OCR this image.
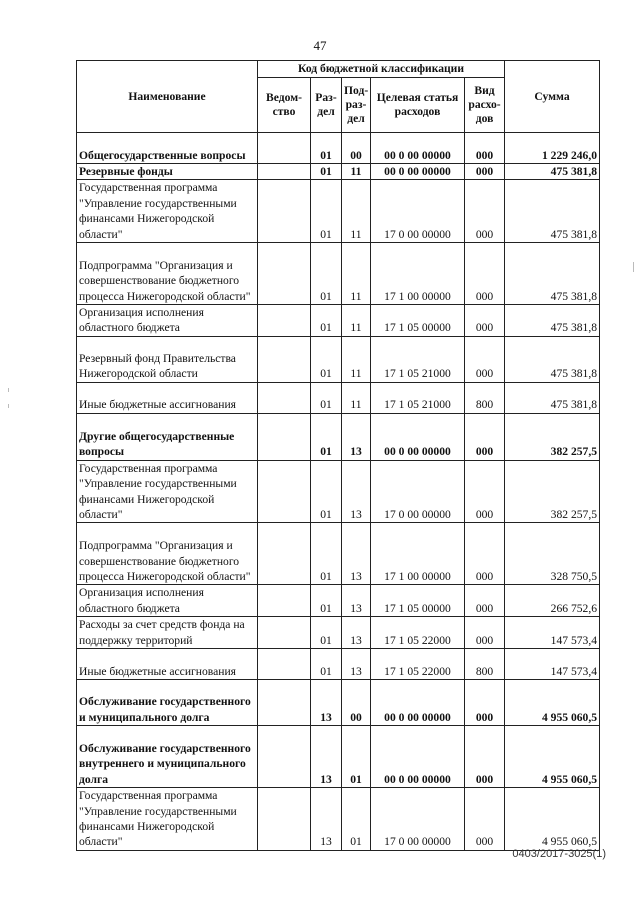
47
Наименование	Код бюджетной классификации					Сумма
	Ведом-ство	Раз-дел	Под-раз-дел	Целевая статья расходов	Вид расхо-дов	
Общегосударственные вопросы		01	00	00 0 00 00000	000	1 229 246,0
Резервные фонды		01	11	00 0 00 00000	000	475 381,8
Государственная программа "Управление государственными финансами Нижегородской области"		01	11	17 0 00 00000	000	475 381,8
Подпрограмма "Организация и совершенствование бюджетного процесса Нижегородской области"		01	11	17 1 00 00000	000	475 381,8
Организация исполнения областного бюджета		01	11	17 1 05 00000	000	475 381,8
Резервный фонд Правительства Нижегородской области		01	11	17 1 05 21000	000	475 381,8
Иные бюджетные ассигнования		01	11	17 1 05 21000	800	475 381,8
Другие общегосударственные вопросы		01	13	00 0 00 00000	000	382 257,5
Государственная программа "Управление государственными финансами Нижегородской области"		01	13	17 0 00 00000	000	382 257,5
Подпрограмма "Организация и совершенствование бюджетного процесса Нижегородской области"		01	13	17 1 00 00000	000	328 750,5
Организация исполнения областного бюджета		01	13	17 1 05 00000	000	266 752,6
Расходы за счет средств фонда на поддержку территорий		01	13	17 1 05 22000	000	147 573,4
Иные бюджетные ассигнования		01	13	17 1 05 22000	800	147 573,4
Обслуживание государственного и муниципального долга		13	00	00 0 00 00000	000	4 955 060,5
Обслуживание государственного внутреннего и муниципального долга		13	01	00 0 00 00000	000	4 955 060,5
Государственная программа "Управление государственными финансами Нижегородской области"		13	01	17 0 00 00000	000	4 955 060,5
0403/2017-3025(1)
